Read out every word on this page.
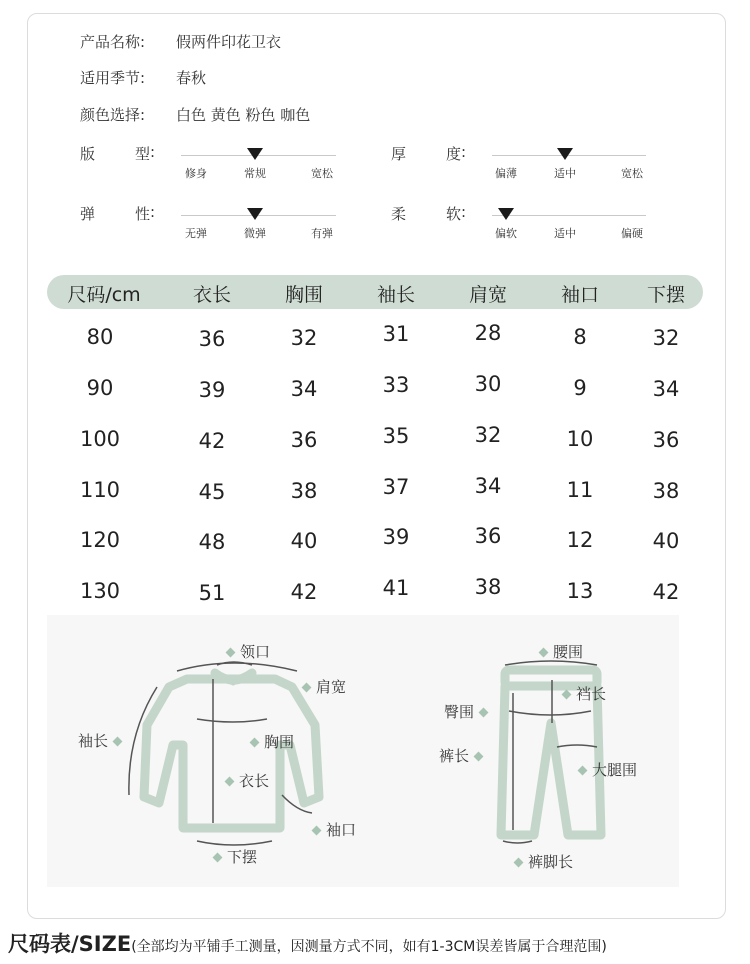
产品名称: 假两件印花卫衣
适用季节: 春秋
颜色选择: 白色 黄色 粉色 咖色
版	型 :
修身	常规	宽松
厚	度 :
偏薄	适中	宽松
弹	性 :
无弹	微弹	有弹
柔	软 :
偏软	适中	偏硬
尺码/cm	衣长	胸围	袖长	肩宽	袖口	下摆
80	36	32	31	28	8	32
90	39	34	33	30	9	34
100	42	36	35	32	10	36
110	45	38	37	34	11	38
120	48	40	39	36	12	40
130	51	42	41	38	13	42
领口
肩宽
袖长	胸围
衣长
袖口
下摆
腰围
裆长
臀围
裤长
大腿围
裤脚长
尺码表/SIZE(全部均为平铺手工测量，因测量方式不同，如有1-3CM误差皆属于合理范围)
